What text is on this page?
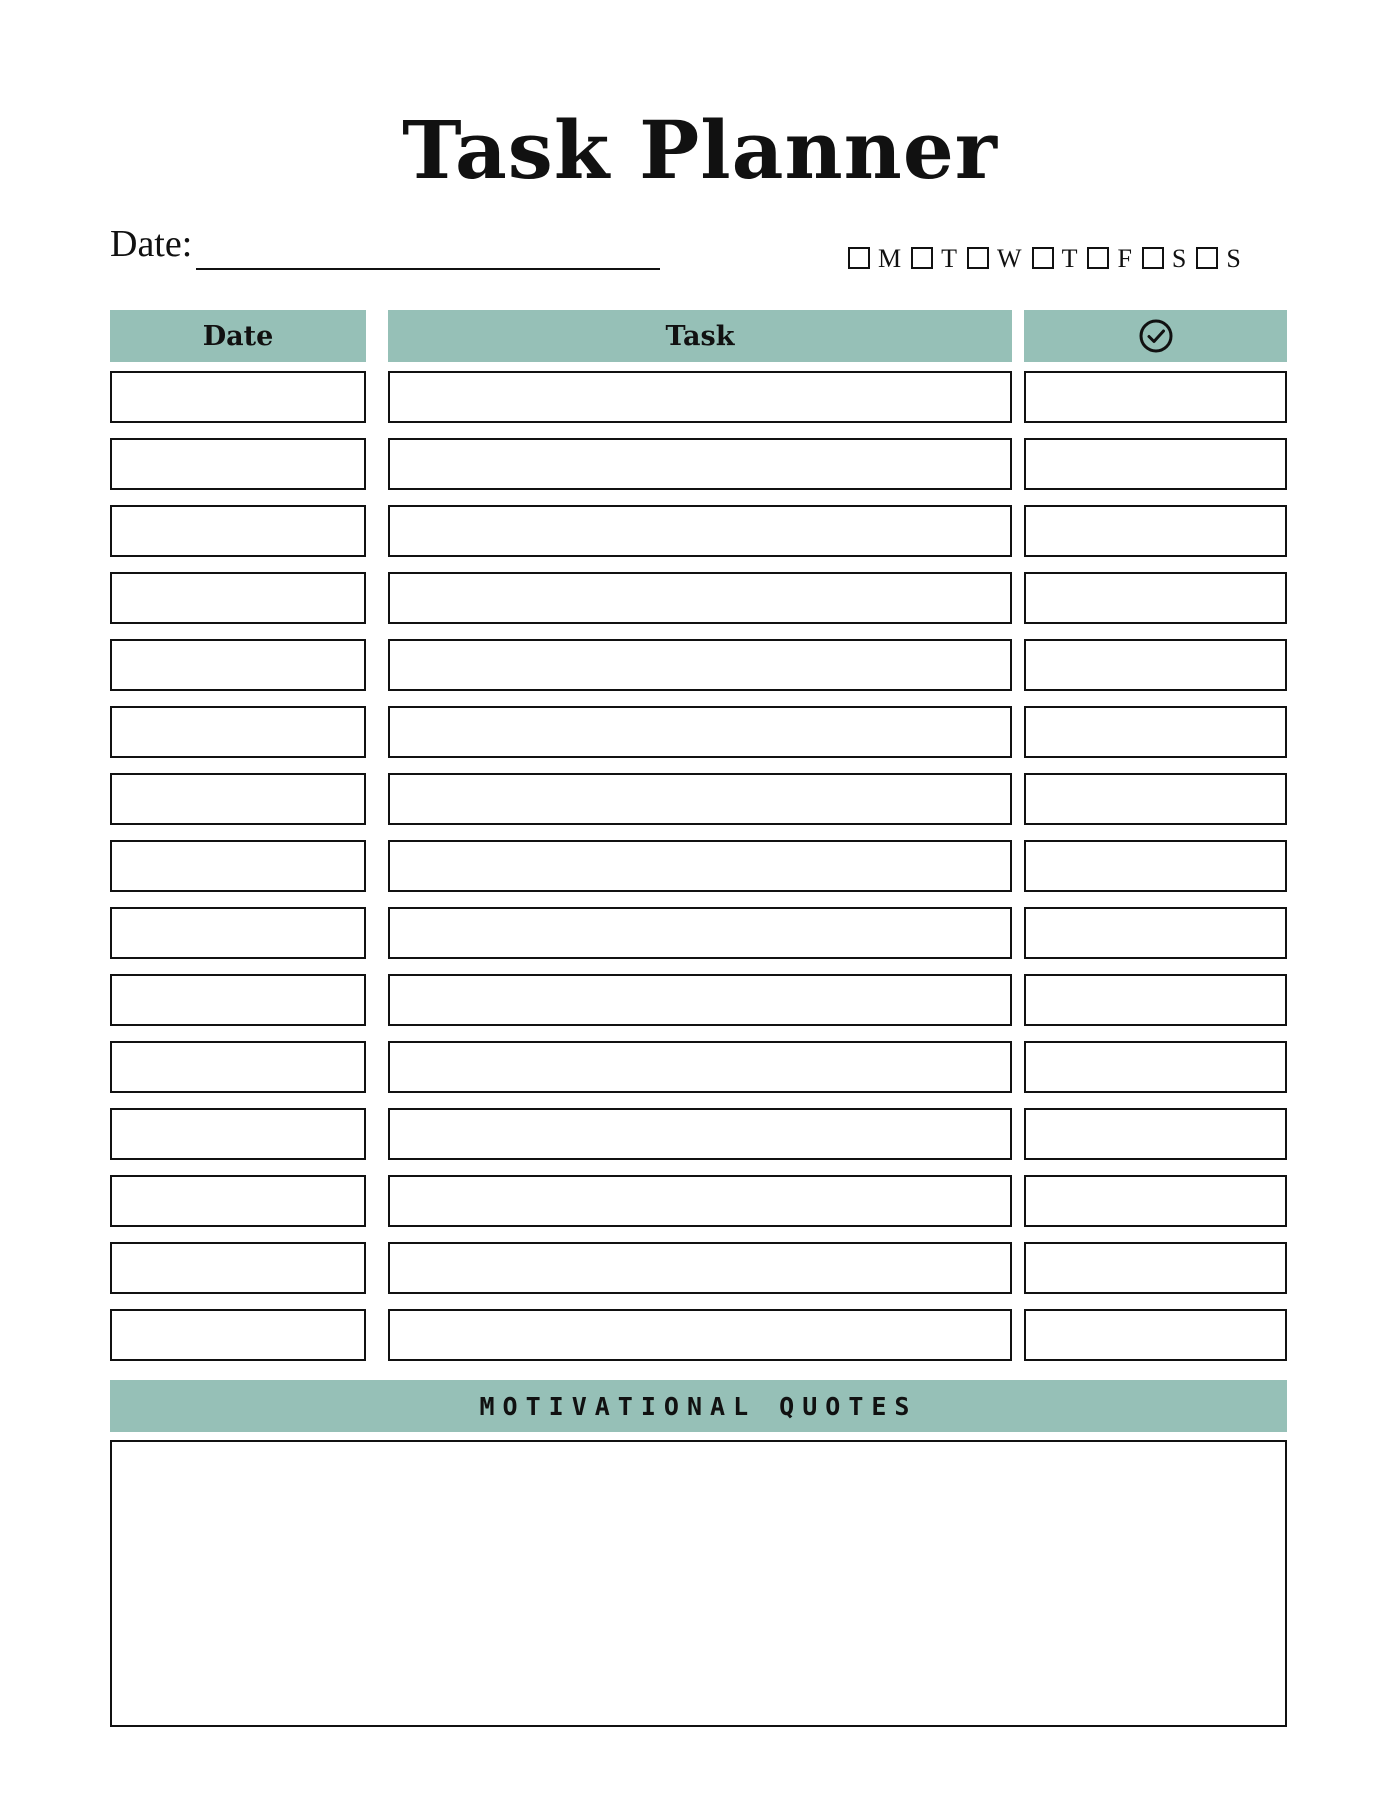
Task Planner
Date:	M T W T F S S
Date	Task
MOTIVATIONAL QUOTES
